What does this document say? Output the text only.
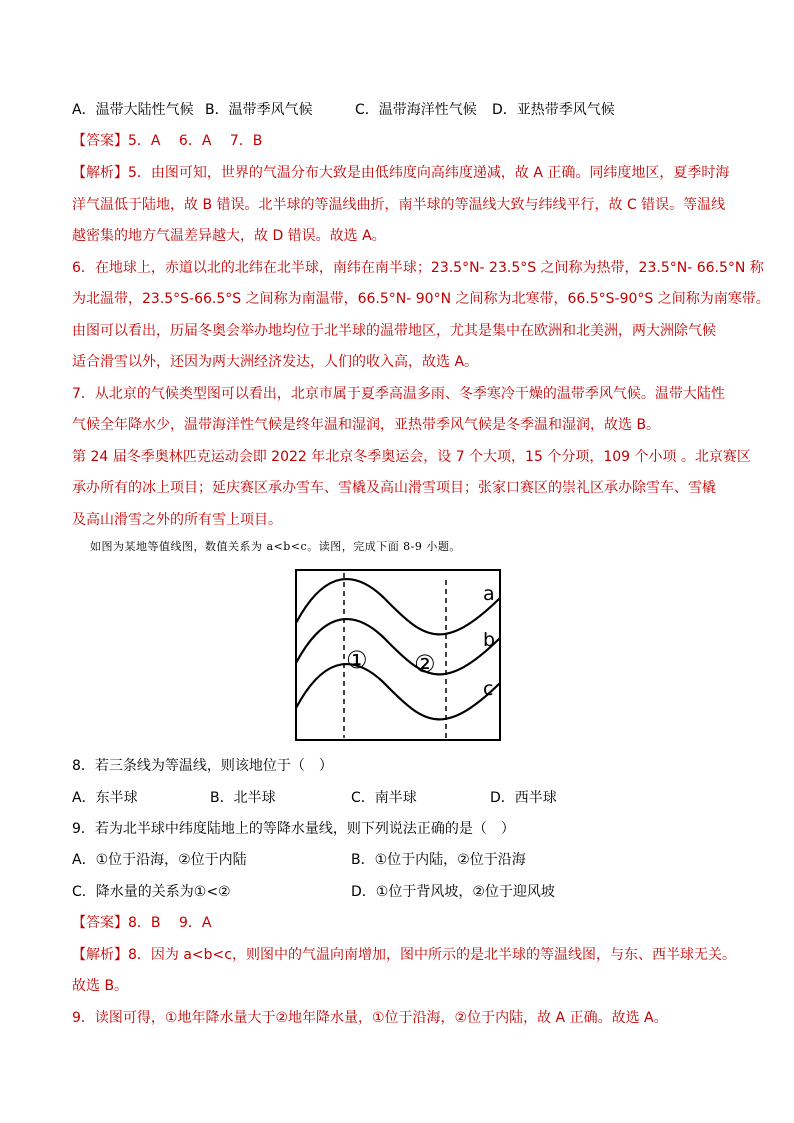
A．温带大陆性气候 B．温带季风气候	C．温带海洋性气候 D．亚热带季风气候
【答案】5．A　 6．A　 7．B
【解析】5．由图可知，世界的气温分布大致是由低纬度向高纬度递减，故 A 正确。同纬度地区，夏季时海
洋气温低于陆地，故 B 错误。北半球的等温线曲折，南半球的等温线大致与纬线平行，故 C 错误。等温线
越密集的地方气温差异越大，故 D 错误。故选 A。
6．在地球上，赤道以北的北纬在北半球，南纬在南半球；23.5°N- 23.5°S 之间称为热带，23.5°N- 66.5°N 称
为北温带，23.5°S-66.5°S 之间称为南温带，66.5°N- 90°N 之间称为北寒带，66.5°S-90°S 之间称为南寒带。
由图可以看出，历届冬奥会举办地均位于北半球的温带地区，尤其是集中在欧洲和北美洲，两大洲除气候
适合滑雪以外，还因为两大洲经济发达，人们的收入高，故选 A。
7．从北京的气候类型图可以看出，北京市属于夏季高温多雨、冬季寒冷干燥的温带季风气候。温带大陆性
气候全年降水少，温带海洋性气候是终年温和湿润，亚热带季风气候是冬季温和湿润，故选 B。
第 24 届冬季奥林匹克运动会即 2022 年北京冬季奥运会，设 7 个大项，15 个分项，109 个小项 。北京赛区
承办所有的冰上项目；延庆赛区承办雪车、雪橇及高山滑雪项目；张家口赛区的崇礼区承办除雪车、雪橇
及高山滑雪之外的所有雪上项目。
如图为某地等值线图，数值关系为 a<b<c。读图，完成下面 8-9 小题。
a
b
c
① ②
8．若三条线为等温线，则该地位于（　）
A．东半球	B．北半球	C．南半球	D．西半球
9．若为北半球中纬度陆地上的等降水量线，则下列说法正确的是（　）
A．①位于沿海，②位于内陆	B．①位于内陆，②位于沿海
C．降水量的关系为①<②	D．①位于背风坡，②位于迎风坡
【答案】8．B　 9．A
【解析】8．因为 a<b<c，则图中的气温向南增加，图中所示的是北半球的等温线图，与东、西半球无关。
故选 B。
9．读图可得，①地年降水量大于②地年降水量，①位于沿海，②位于内陆，故 A 正确。故选 A。
